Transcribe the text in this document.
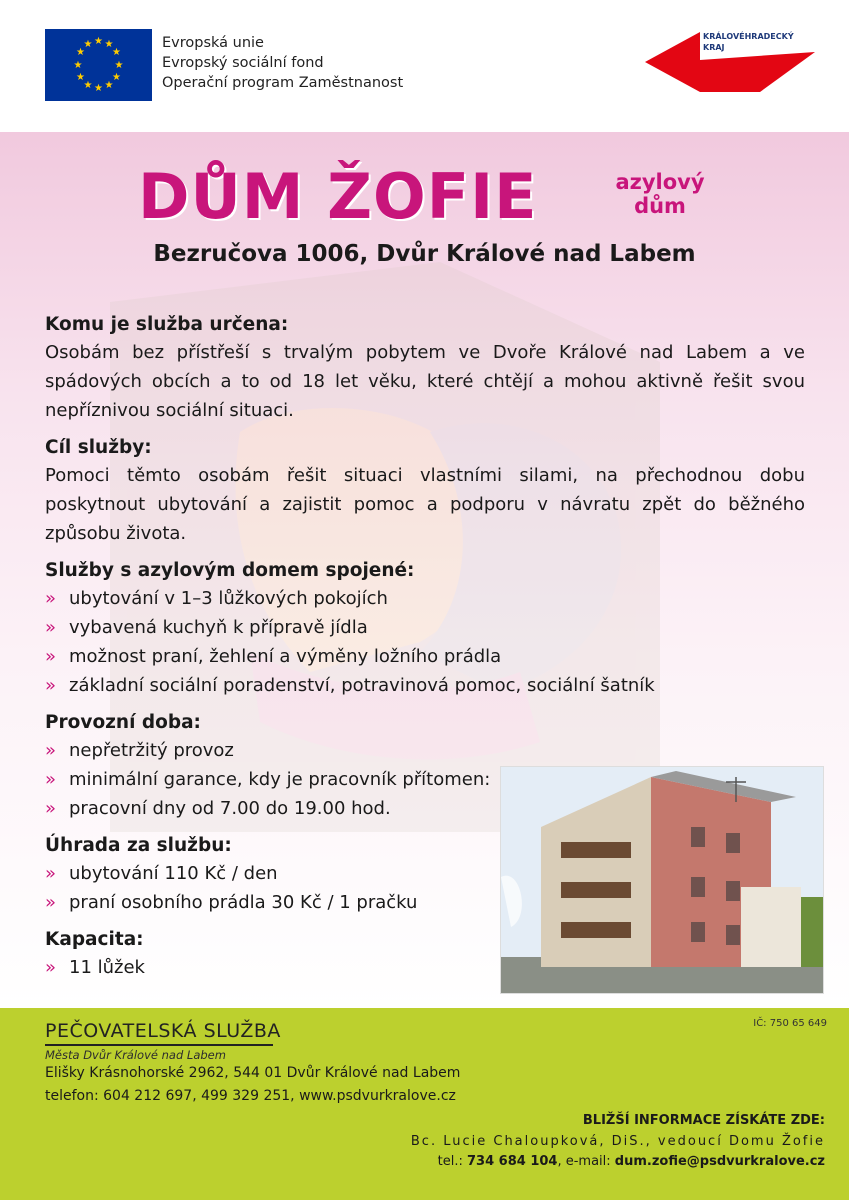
★ ★
★
★
★
★
★
★
★
★
★
★	Evropská unie
Evropský sociální fond
Operační program Zaměstnanost
KRÁLOVÉHRADECKÝ
KRAJ
DŮM ŽOFIE	azylový
dům
Bezručova 1006, Dvůr Králové nad Labem

Komu je služba určena:

Osobám bez přístřeší s trvalým pobytem ve Dvoře Králové nad Labem a ve spádových obcích a to od 18 let věku, které chtějí a mohou aktivně řešit svou nepříznivou sociální situaci.

Cíl služby:

Pomoci těmto osobám řešit situaci vlastními silami, na přechodnou dobu poskytnout ubytování a zajistit pomoc a podporu v návratu zpět do běžného způsobu života.

Služby s azylovým domem spojené:

» ubytování v 1–3 lůžkových pokojích
» vybavená kuchyň k přípravě jídla
» možnost praní, žehlení a výměny ložního prádla
» základní sociální poradenství, potravinová pomoc, sociální šatník

Provozní doba:

» nepřetržitý provoz
» minimální garance, kdy je pracovník přítomen:
» pracovní dny od 7.00 do 19.00 hod.

Úhrada za službu:

» ubytování 110 Kč / den
» praní osobního prádla 30 Kč / 1 pračku

Kapacita:

» 11 lůžek
PEČOVATELSKÁ SLUŽBA
Města Dvůr Králové nad Labem
Elišky Krásnohorské 2962, 544 01 Dvůr Králové nad Labem
telefon: 604 212 697, 499 329 251, www.psdvurkralove.cz
IČ: 750 65 649
BLIŽŠÍ INFORMACE ZÍSKÁTE ZDE:
Bc. Lucie Chaloupková, DiS., vedoucí Domu Žofie
tel.: 734 684 104, e-mail: dum.zofie@psdvurkralove.cz
